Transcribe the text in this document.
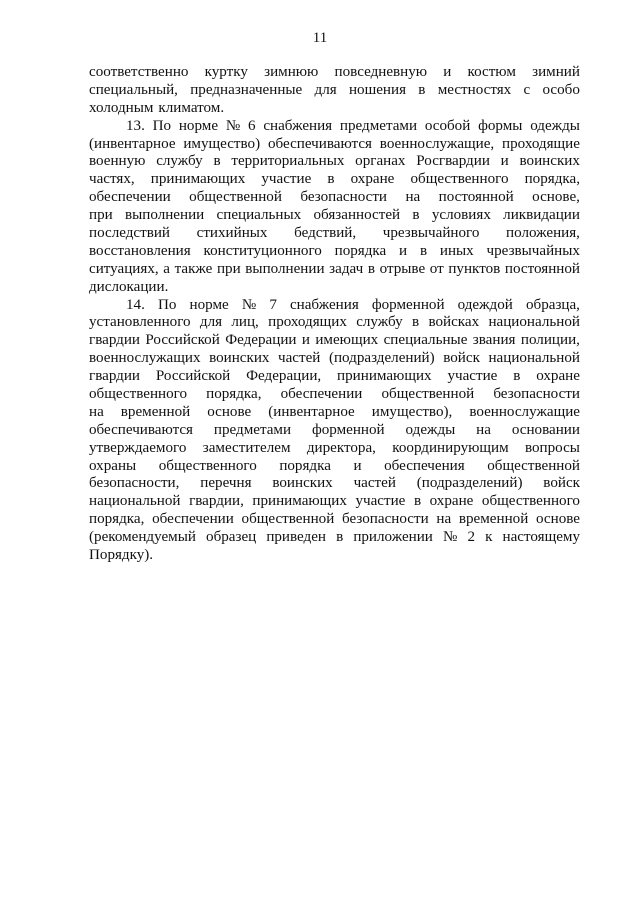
11
соответственно куртку зимнюю повседневную и костюм зимний
специальный, предназначенные для ношения в местностях с особо
холодным климатом.
13. По норме № 6 снабжения предметами особой формы одежды
(инвентарное имущество) обеспечиваются военнослужащие, проходящие
военную службу в территориальных органах Росгвардии и воинских
частях, принимающих участие в охране общественного порядка,
обеспечении общественной безопасности на постоянной основе,
при выполнении специальных обязанностей в условиях ликвидации
последствий стихийных бедствий, чрезвычайного положения,
восстановления конституционного порядка и в иных чрезвычайных
ситуациях, а также при выполнении задач в отрыве от пунктов постоянной
дислокации.
14. По норме № 7 снабжения форменной одеждой образца,
установленного для лиц, проходящих службу в войсках национальной
гвардии Российской Федерации и имеющих специальные звания полиции,
военнослужащих воинских частей (подразделений) войск национальной
гвардии Российской Федерации, принимающих участие в охране
общественного порядка, обеспечении общественной безопасности
на временной основе (инвентарное имущество), военнослужащие
обеспечиваются предметами форменной одежды на основании
утверждаемого заместителем директора, координирующим вопросы
охраны общественного порядка и обеспечения общественной
безопасности, перечня воинских частей (подразделений) войск
национальной гвардии, принимающих участие в охране общественного
порядка, обеспечении общественной безопасности на временной основе
(рекомендуемый образец приведен в приложении № 2 к настоящему
Порядку).
